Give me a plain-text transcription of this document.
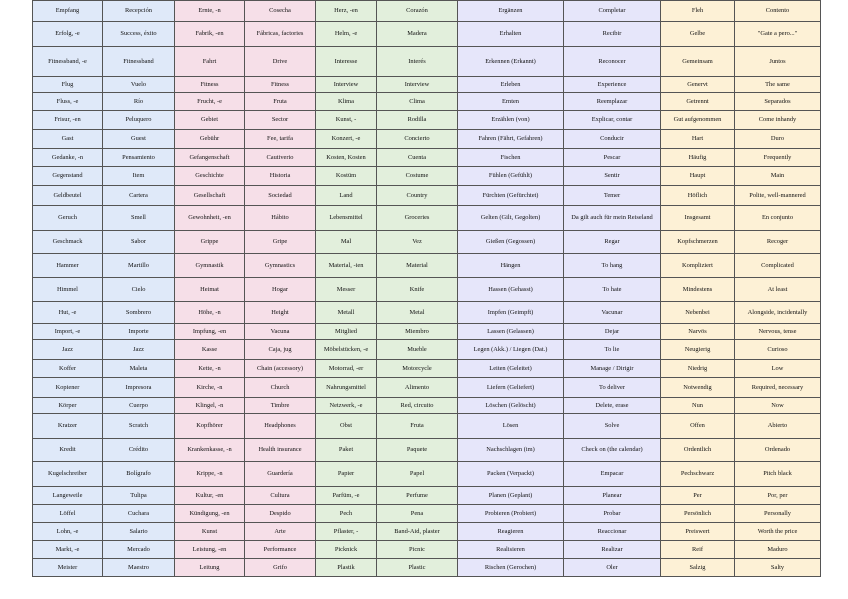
Empfang	Recepción	Ernte, -n	Cosecha	Herz, -en	Corazón	Ergänzen	Completar	Fleh	Contento
Erfolg, -e	Success, éxito	Fabrik, -en	Fábricas, factories	Helm, -e	Madera	Erhalten	Recibir	Gelbe	"Gate a pero..."
Fitnessband, -e	Fitnessband	Fahrt	Drive	Interesse	Interés	Erkennen (Erkannt)	Reconocer	Gemeinsam	Juntos
Flug	Vuelo	Fitness	Fitness	Interview	Interview	Erleben	Experience	Genervt	The same
Fluss, -e	Río	Frucht, -e	Fruta	Klima	Clima	Ernten	Reemplazar	Getrennt	Separados
Frisur, -en	Peluquero	Gebiet	Sector	Kunst, -	Rodilla	Erzählen (von)	Explicar, contar	Gut aufgenommen	Come inhandy
Gast	Guest	Gebühr	Fee, tarifa	Konzert, -e	Concierto	Fahren (Fährt, Gefahren)	Conducir	Hart	Duro
Gedanke, -n	Pensamiento	Gefangenschaft	Cautiverio	Kosten, Kosten	Cuenta	Fischen	Pescar	Häufig	Frequently
Gegenstand	Item	Geschichte	Historia	Kostüm	Costume	Fühlen (Gefühlt)	Sentir	Haupt	Main
Geldbeutel	Cartera	Gesellschaft	Sociedad	Land	Country	Fürchten (Gefürchtet)	Temer	Höflich	Polite, well-mannered
Geruch	Smell	Gewohnheit, -en	Hábito	Lebensmittel	Groceries	Gelten (Gilt, Gegolten)	Da gilt auch für mein Reiseland	Insgesamt	En conjunto
Geschmack	Sabor	Grippe	Gripe	Mal	Vez	Gießen (Gegossen)	Regar	Kopfschmerzen	Recoger
Hammer	Martillo	Gymnastik	Gymnastics	Material, -ien	Material	Hängen	To hang	Kompliziert	Complicated
Himmel	Cielo	Heimat	Hogar	Messer	Knife	Hassen (Gehasst)	To hate	Mindestens	At least
Hut, -e	Sombrero	Höhe, -n	Height	Metall	Metal	Impfen (Geimpft)	Vacunar	Nebenbei	Alongside, incidentally
Import, -e	Importe	Impfung, -en	Vacuna	Mitglied	Miembro	Lassen (Gelassen)	Dejar	Narvös	Nervous, tense
Jazz	Jazz	Kasse	Caja, jug	Möbelstücken, -e	Mueble	Legen (Akk.) / Liegen (Dat.)	To lie	Neugierig	Curioso
Koffer	Maleta	Kette, -n	Chain (accessory)	Motorrad, -er	Motorcycle	Leiten (Geleitet)	Manage / Dirigir	Niedrig	Low
Kopiener	Impresora	Kirche, -n	Church	Nahrungsmittel	Alimento	Liefern (Geliefert)	To deliver	Notwendig	Required, necessary
Körper	Cuerpo	Klingel, -n	Timbre	Netzwerk, -e	Red, circuito	Löschen (Gelöscht)	Delete, erase	Nun	Now
Kratzer	Scratch	Kopfhörer	Headphones	Obst	Fruta	Lösen	Solve	Offen	Abierto
Kredit	Crédito	Krankenkasse, -n	Health insurance	Paket	Paquete	Nachschlagen (im)	Check on (the calendar)	Ordentlich	Ordenado
Kugelschreiber	Bolígrafo	Krippe, -n	Guardería	Papier	Papel	Packen (Verpackt)	Empacar	Pechschwarz	Pitch black
Langeweile	Tulipa	Kultur, -en	Cultura	Parfüm, -e	Perfume	Planen (Geplant)	Planear	Per	Por, per
Löffel	Cuchara	Kündigung, -en	Despido	Pech	Pena	Probieren (Probiert)	Probar	Persönlich	Personally
Lohn, -e	Salario	Kunst	Arte	Pflaster, -	Band-Aid, plaster	Reagieren	Reaccionar	Preiswert	Worth the price
Markt, -e	Mercado	Leistung, -en	Performance	Picknick	Picnic	Realisieren	Realizar	Reif	Maduro
Meister	Maestro	Leitung	Grifo	Plastik	Plastic	Rischen (Gerochen)	Oler	Salzig	Salty
